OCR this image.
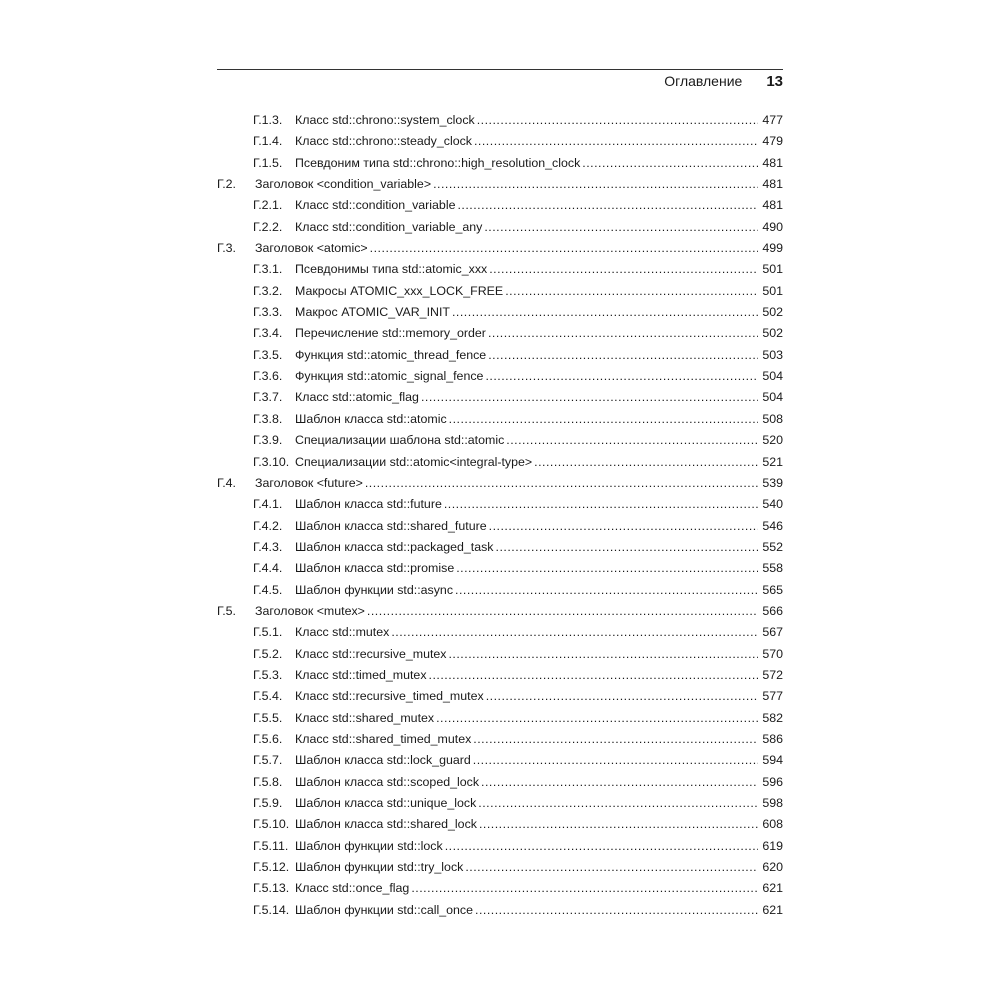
Оглавление 13
Г.1.3.	Класс std::chrono::system_clock .....	477
Г.1.4.	Класс std::chrono::steady_clock .....	479
Г.1.5.	Псевдоним типа std::chrono::high_resolution_clock .....	481
Г.2.	Заголовок <condition_variable> .....	481
Г.2.1.	Класс std::condition_variable .....	481
Г.2.2.	Класс std::condition_variable_any .....	490
Г.3.	Заголовок <atomic> .....	499
Г.3.1.	Псевдонимы типа std::atomic_xxx .....	501
Г.3.2.	Макросы ATOMIC_xxx_LOCK_FREE .....	501
Г.3.3.	Макрос ATOMIC_VAR_INIT .....	502
Г.3.4.	Перечисление std::memory_order .....	502
Г.3.5.	Функция std::atomic_thread_fence .....	503
Г.3.6.	Функция std::atomic_signal_fence .....	504
Г.3.7.	Класс std::atomic_flag .....	504
Г.3.8.	Шаблон класса std::atomic .....	508
Г.3.9.	Специализации шаблона std::atomic .....	520
Г.3.10. Специализации std::atomic<integral-type> .....	521
Г.4.	Заголовок <future> .....	539
Г.4.1.	Шаблон класса std::future .....	540
Г.4.2.	Шаблон класса std::shared_future .....	546
Г.4.3.	Шаблон класса std::packaged_task .....	552
Г.4.4.	Шаблон класса std::promise .....	558
Г.4.5.	Шаблон функции std::async .....	565
Г.5.	Заголовок <mutex> .....	566
Г.5.1.	Класс std::mutex .....	567
Г.5.2.	Класс std::recursive_mutex .....	570
Г.5.3.	Класс std::timed_mutex .....	572
Г.5.4.	Класс std::recursive_timed_mutex .....	577
Г.5.5.	Класс std::shared_mutex .....	582
Г.5.6.	Класс std::shared_timed_mutex .....	586
Г.5.7.	Шаблон класса std::lock_guard .....	594
Г.5.8.	Шаблон класса std::scoped_lock .....	596
Г.5.9.	Шаблон класса std::unique_lock .....	598
Г.5.10. Шаблон класса std::shared_lock .....	608
Г.5.11. Шаблон функции std::lock .....	619
Г.5.12. Шаблон функции std::try_lock .....	620
Г.5.13. Класс std::once_flag .....	621
Г.5.14. Шаблон функции std::call_once .....	621
